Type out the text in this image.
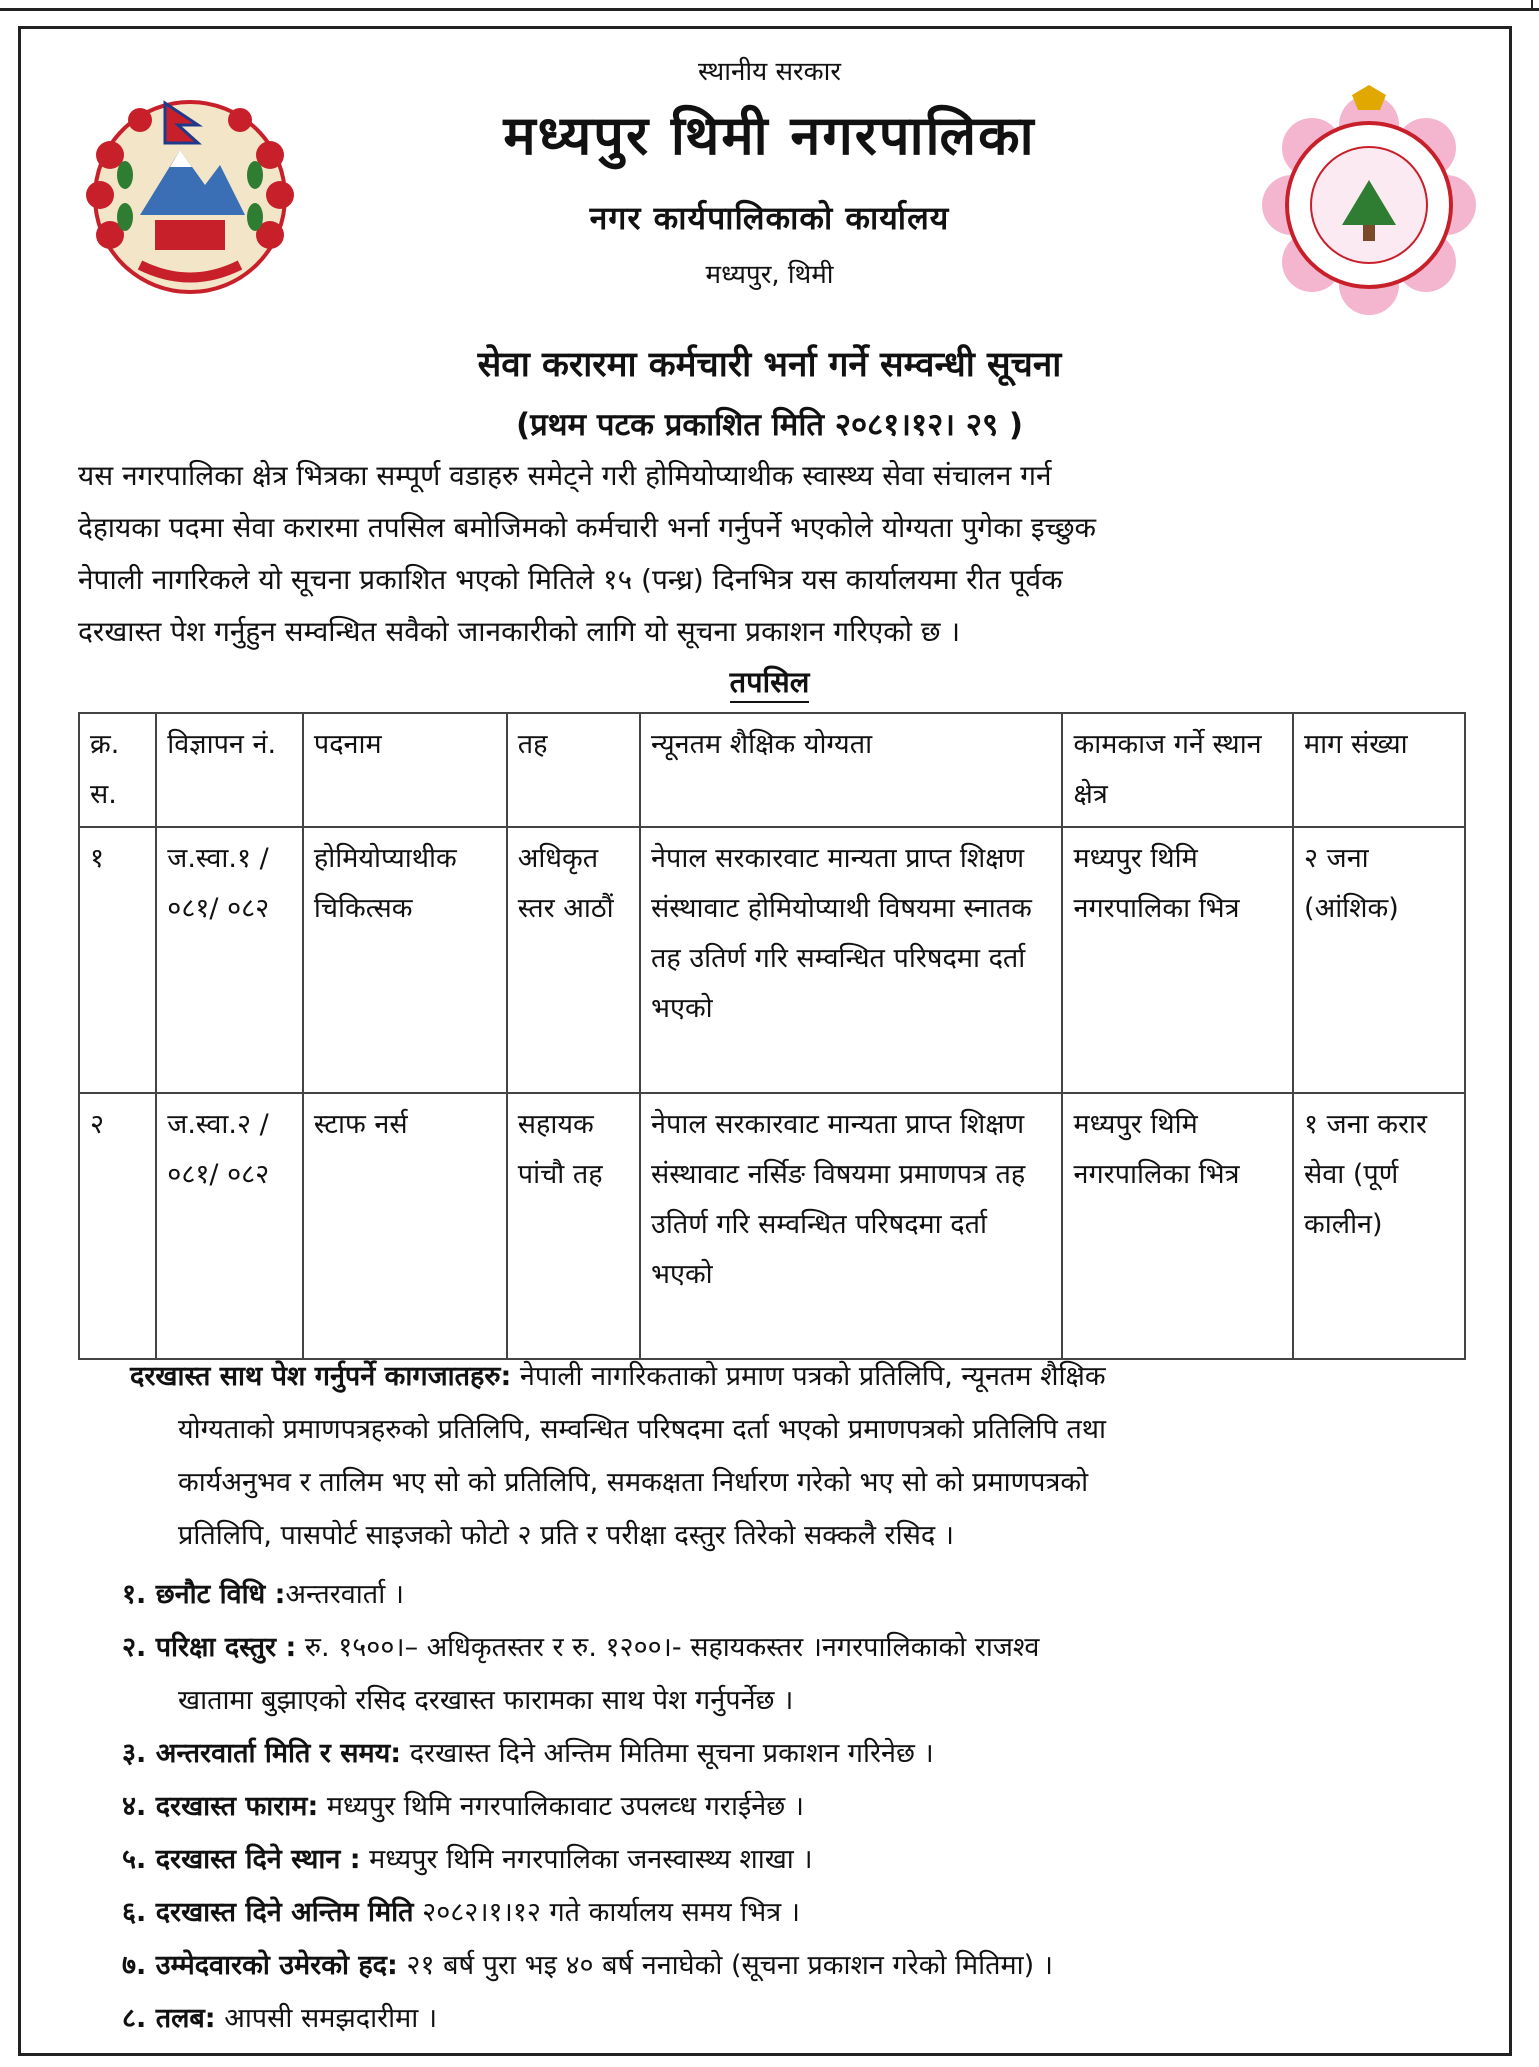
स्थानीय सरकार
मध्यपुर थिमी नगरपालिका
नगर कार्यपालिकाको कार्यालय
मध्यपुर, थिमी
सेवा करारमा कर्मचारी भर्ना गर्ने सम्वन्धी सूचना
(प्रथम पटक प्रकाशित मिति २०८१।१२। २९ )
यस नगरपालिका क्षेत्र भित्रका सम्पूर्ण वडाहरु समेट्ने गरी होमियोप्याथीक स्वास्थ्य सेवा संचालन गर्न
देहायका पदमा सेवा करारमा तपसिल बमोजिमको कर्मचारी भर्ना गर्नुपर्ने भएकोले योग्यता पुगेका इच्छुक
नेपाली नागरिकले यो सूचना प्रकाशित भएको मितिले १५ (पन्ध्र) दिनभित्र यस कार्यालयमा रीत पूर्वक
दरखास्त पेश गर्नुहुन सम्वन्धित सवैको जानकारीको लागि यो सूचना प्रकाशन गरिएको छ ।
तपसिल
क्र. स.	विज्ञापन नं.	पदनाम	तह	न्यूनतम शैक्षिक योग्यता	कामकाज गर्ने स्थान क्षेत्र	माग संख्या
१	ज.स्वा.१ /०८१/ ०८२	होमियोप्याथीक चिकित्सक	अधिकृत स्तर आठौं	नेपाल सरकारवाट मान्यता प्राप्त शिक्षण संस्थावाट होमियोप्याथी विषयमा स्नातक तह उतिर्ण गरि सम्वन्धित परिषदमा दर्ता भएको	मध्यपुर थिमि नगरपालिका भित्र	२ जना (आंशिक)
२	ज.स्वा.२ /०८१/ ०८२	स्टाफ नर्स	सहायक पांचौ तह	नेपाल सरकारवाट मान्यता प्राप्त शिक्षण संस्थावाट नर्सिङ विषयमा प्रमाणपत्र तह उतिर्ण गरि सम्वन्धित परिषदमा दर्ता भएको	मध्यपुर थिमि नगरपालिका भित्र	१ जना करार सेवा (पूर्ण कालीन)
दरखास्त साथ पेश गर्नुपर्ने कागजातहरु: नेपाली नागरिकताको प्रमाण पत्रको प्रतिलिपि, न्यूनतम शैक्षिक
योग्यताको प्रमाणपत्रहरुको प्रतिलिपि, सम्वन्धित परिषदमा दर्ता भएको प्रमाणपत्रको प्रतिलिपि तथा
कार्यअनुभव र तालिम भए सो को प्रतिलिपि, समकक्षता निर्धारण गरेको भए सो को प्रमाणपत्रको
प्रतिलिपि, पासपोर्ट साइजको फोटो २ प्रति र परीक्षा दस्तुर तिरेको सक्कलै रसिद ।
१. छनौट विधि :अन्तरवार्ता ।
२. परिक्षा दस्तुर : रु. १५००।– अधिकृतस्तर र रु. १२००।- सहायकस्तर ।नगरपालिकाको राजश्व
खातामा बुझाएको रसिद दरखास्त फारामका साथ पेश गर्नुपर्नेछ ।
३. अन्तरवार्ता मिति र समय: दरखास्त दिने अन्तिम मितिमा सूचना प्रकाशन गरिनेछ ।
४. दरखास्त फाराम: मध्यपुर थिमि नगरपालिकावाट उपलव्ध गराईनेछ ।
५. दरखास्त दिने स्थान : मध्यपुर थिमि नगरपालिका जनस्वास्थ्य शाखा ।
६. दरखास्त दिने अन्तिम मिति २०८२।१।१२ गते कार्यालय समय भित्र ।
७. उम्मेदवारको उमेरको हद: २१ बर्ष पुरा भइ ४० बर्ष ननाघेको (सूचना प्रकाशन गरेको मितिमा) ।
८. तलब: आपसी समझदारीमा ।
